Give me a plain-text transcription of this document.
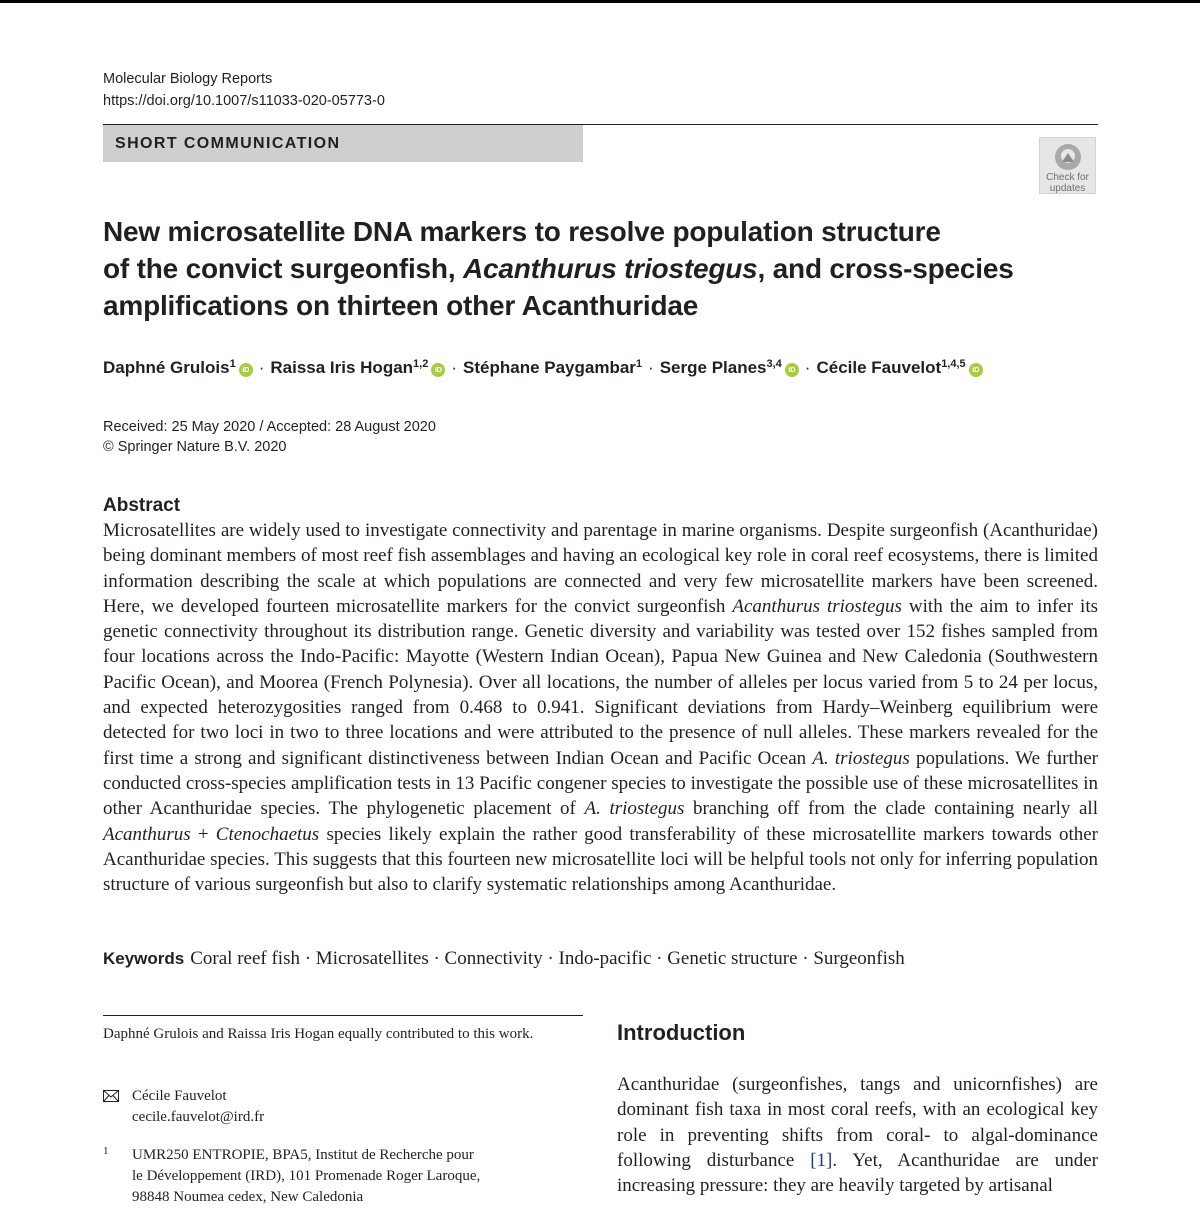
Molecular Biology Reports
https://doi.org/10.1007/s11033-020-05773-0
SHORT COMMUNICATION
Check for
updates
New microsatellite DNA markers to resolve population structure
of the convict surgeonfish, Acanthurus triostegus, and cross-species
amplifications on thirteen other Acanthuridae
Daphné Grulois$^1$ iD · Raissa Iris Hogan$^{1,2}$ iD · Stéphane Paygambar$^1$ · Serge Planes$^{3,4}$ iD · Cécile Fauvelot$^{1,4,5}$ iD
Received: 25 May 2020 / Accepted: 28 August 2020
© Springer Nature B.V. 2020
Abstract
Microsatellites are widely used to investigate connectivity and parentage in marine organisms. Despite surgeonfish (Acanthuridae) being dominant members of most reef fish assemblages and having an ecological key role in coral reef ecosystems, there is limited information describing the scale at which populations are connected and very few microsatellite markers have been screened. Here, we developed fourteen microsatellite markers for the convict surgeonfish Acanthurus triostegus with the aim to infer its genetic connectivity throughout its distribution range. Genetic diversity and variability was tested over 152 fishes sampled from four locations across the Indo-Pacific: Mayotte (Western Indian Ocean), Papua New Guinea and New Caledonia (Southwestern Pacific Ocean), and Moorea (French Polynesia). Over all locations, the number of alleles per locus varied from 5 to 24 per locus, and expected heterozygosities ranged from 0.468 to 0.941. Significant deviations from Hardy–Weinberg equilibrium were detected for two loci in two to three locations and were attributed to the presence of null alleles. These markers revealed for the first time a strong and significant distinctiveness between Indian Ocean and Pacific Ocean A. triostegus populations. We further conducted cross-species amplification tests in 13 Pacific congener species to investigate the possible use of these microsatellites in other Acanthuridae species. The phylogenetic placement of A. triostegus branching off from the clade containing nearly all Acanthurus + Ctenochaetus species likely explain the rather good transferability of these microsatellite markers towards other Acanthuridae species. This suggests that this fourteen new microsatellite loci will be helpful tools not only for inferring population structure of various surgeonfish but also to clarify systematic relationships among Acanthuridae.
Keywords Coral reef fish · Microsatellites · Connectivity · Indo-pacific · Genetic structure · Surgeonfish
Daphné Grulois and Raissa Iris Hogan equally contributed to this work.
Cécile Fauvelot
cecile.fauvelot@ird.fr
1 UMR250 ENTROPIE, BPA5, Institut de Recherche pour
le Développement (IRD), 101 Promenade Roger Laroque,
98848 Noumea cedex, New Caledonia
Introduction
Acanthuridae (surgeonfishes, tangs and unicornfishes) are dominant fish taxa in most coral reefs, with an ecological key role in preventing shifts from coral- to algal-dominance following disturbance [1]. Yet, Acanthuridae are under increasing pressure: they are heavily targeted by artisanal
